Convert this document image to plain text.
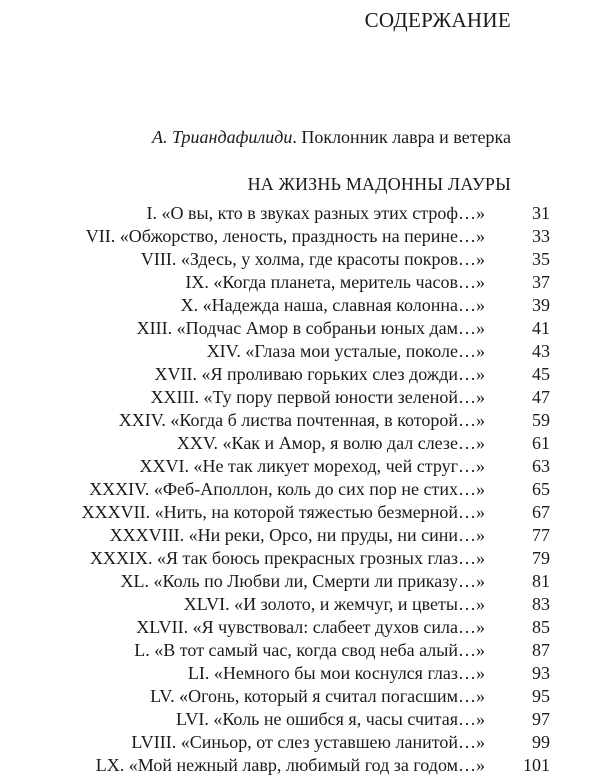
СОДЕРЖАНИЕ
А. Триандафилиди. Поклонник лавра и ветерка
НА ЖИЗНЬ МАДОННЫ ЛАУРЫ
I. «О вы, кто в звуках разных этих строф…»	31
VII. «Обжорство, леность, праздность на перине…»	33
VIII. «Здесь, у холма, где красоты покров…»	35
IX. «Когда планета, меритель часов…»	37
X. «Надежда наша, славная колонна…»	39
XIII. «Подчас Амор в собраньи юных дам…»	41
XIV. «Глаза мои усталые, поколе…»	43
XVII. «Я проливаю горьких слез дожди…»	45
XXIII. «Ту пору первой юности зеленой…»	47
XXIV. «Когда б листва почтенная, в которой…»	59
XXV. «Как и Амор, я волю дал слезе…»	61
XXVI. «Не так ликует мореход, чей струг…»	63
XXXIV. «Феб-Аполлон, коль до сих пор не стих…»	65
XXXVII. «Нить, на которой тяжестью безмерной…»	67
XXXVIII. «Ни реки, Орсо, ни пруды, ни сини…»	77
XXXIX. «Я так боюсь прекрасных грозных глаз…»	79
XL. «Коль по Любви ли, Смерти ли приказу…»	81
XLVI. «И золото, и жемчуг, и цветы…»	83
XLVII. «Я чувствовал: слабеет духов сила…»	85
L. «В тот самый час, когда свод неба алый…»	87
LI. «Немного бы мои коснулся глаз…»	93
LV. «Огонь, который я считал погасшим…»	95
LVI. «Коль не ошибся я, часы считая…»	97
LVIII. «Синьор, от слез уставшею ланитой…»	99
LX. «Мой нежный лавр, любимый год за годом…»	101
